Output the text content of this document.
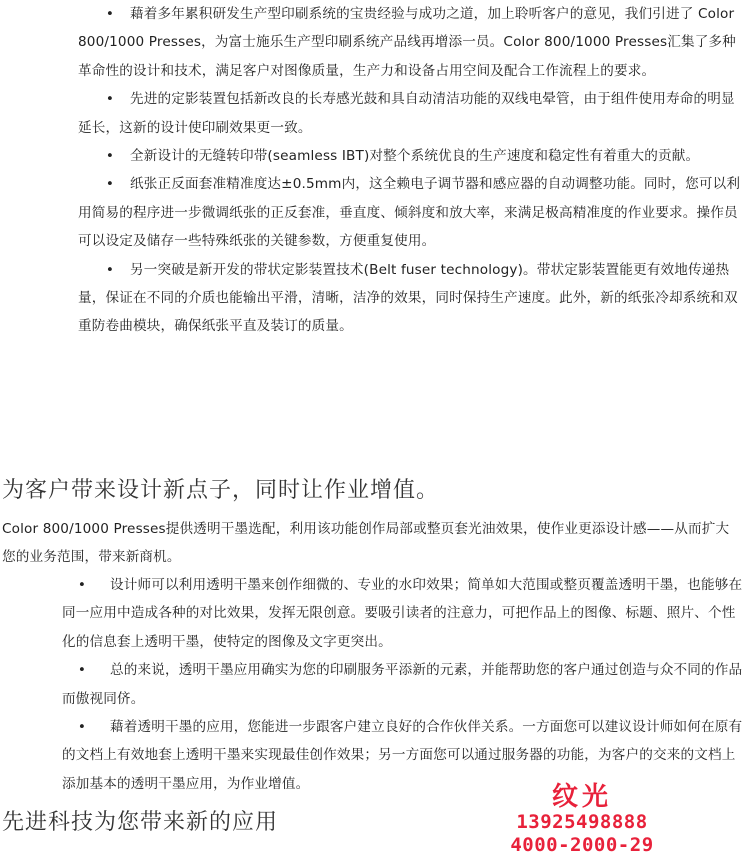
•	藉着多年累积研发生产型印刷系统的宝贵经验与成功之道，加上聆听客户的意见，我们引进了 Color 800/1000 Presses，为富士施乐生产型印刷系统产品线再增添一员。Color 800/1000 Presses汇集了多种革命性的设计和技术，满足客户对图像质量，生产力和设备占用空间及配合工作流程上的要求。
•	先进的定影装置包括新改良的长寿感光鼓和具自动清洁功能的双线电晕管，由于组件使用寿命的明显延长，这新的设计使印刷效果更一致。
•	全新设计的无缝转印带(seamless IBT)对整个系统优良的生产速度和稳定性有着重大的贡献。
•	纸张正反面套准精准度达±0.5mm内，这全赖电子调节器和感应器的自动调整功能。同时，您可以利用简易的程序进一步微调纸张的正反套准，垂直度、倾斜度和放大率，来满足极高精准度的作业要求。操作员可以设定及储存一些特殊纸张的关键参数，方便重复使用。
•	另一突破是新开发的带状定影装置技术(Belt fuser technology)。带状定影装置能更有效地传递热量，保证在不同的介质也能输出平滑，清晰，洁净的效果，同时保持生产速度。此外，新的纸张冷却系统和双重防卷曲模块，确保纸张平直及装订的质量。
为客户带来设计新点子，同时让作业增值。
Color 800/1000 Presses提供透明干墨选配，利用该功能创作局部或整页套光油效果，使作业更添设计感——从而扩大您的业务范围，带来新商机。
•	设计师可以利用透明干墨来创作细微的、专业的水印效果；简单如大范围或整页覆盖透明干墨，也能够在同一应用中造成各种的对比效果，发挥无限创意。要吸引读者的注意力，可把作品上的图像、标题、照片、个性化的信息套上透明干墨，使特定的图像及文字更突出。
•	总的来说，透明干墨应用确实为您的印刷服务平添新的元素，并能帮助您的客户通过创造与众不同的作品而傲视同侪。
•	藉着透明干墨的应用，您能进一步跟客户建立良好的合作伙伴关系。一方面您可以建议设计师如何在原有的文档上有效地套上透明干墨来实现最佳创作效果；另一方面您可以通过服务器的功能，为客户的交来的文档上添加基本的透明干墨应用，为作业增值。
先进科技为您带来新的应用
纹光
13925498888
4000-2000-29
